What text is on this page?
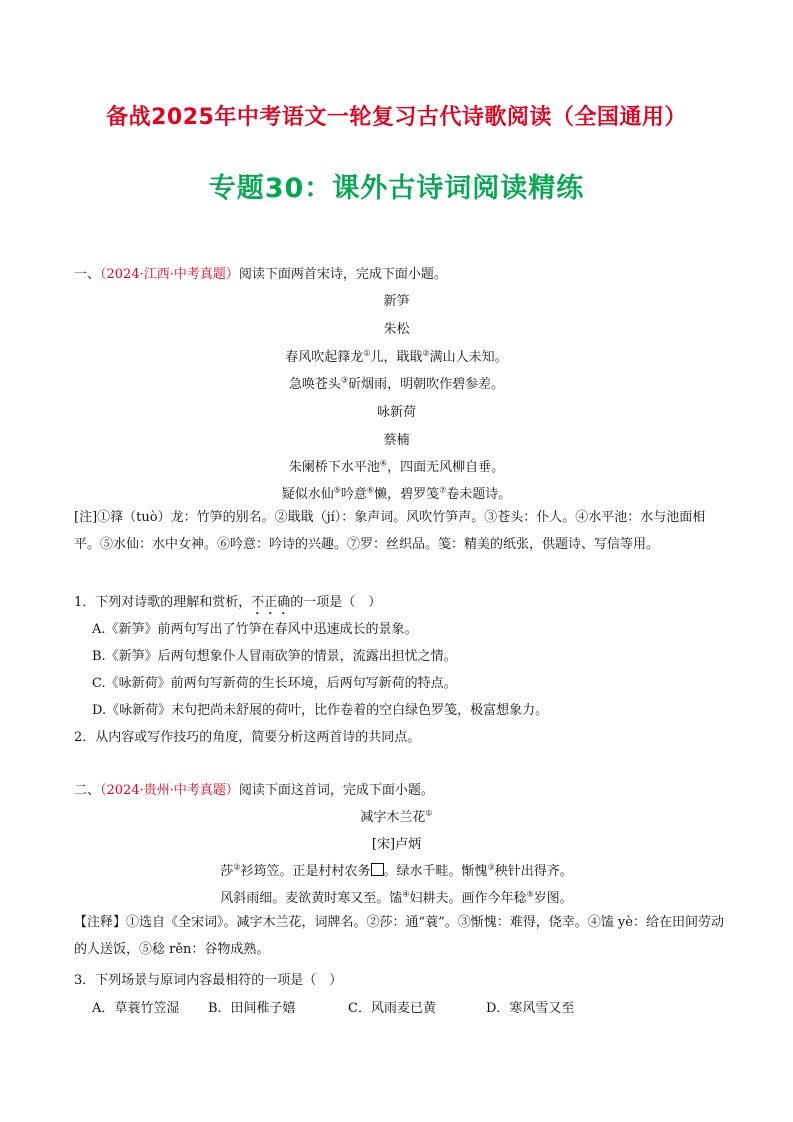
备战2025年中考语文一轮复习古代诗歌阅读（全国通用）
专题30：课外古诗词阅读精练
一、（2024·江西·中考真题）阅读下面两首宋诗，完成下面小题。
新笋
朱松
春风吹起箨龙①儿，戢戢②满山人未知。
急唤苍头③斫烟雨，明朝吹作碧参差。
咏新荷
蔡楠
朱阑桥下水平池④，四面无风柳自垂。
疑似水仙⑤吟意⑥懒，碧罗笺⑦卷未题诗。
[注]①箨（tuò）龙：竹笋的别名。②戢戢（jí）：象声词。风吹竹笋声。③苍头：仆人。④水平池：水与池面相平。⑤水仙：水中女神。⑥吟意：吟诗的兴趣。⑦罗：丝织品。笺：精美的纸张，供题诗、写信等用。
1．下列对诗歌的理解和赏析，不正确的一项是（　）
A.《新笋》前两句写出了竹笋在春风中迅速成长的景象。
B.《新笋》后两句想象仆人冒雨砍笋的情景，流露出担忧之情。
C.《咏新荷》前两句写新荷的生长环境，后两句写新荷的特点。
D.《咏新荷》末句把尚未舒展的荷叶，比作卷着的空白绿色罗笺，极富想象力。
2．从内容或写作技巧的角度，简要分析这两首诗的共同点。
二、（2024·贵州·中考真题）阅读下面这首词，完成下面小题。
减字木兰花①
[宋]卢炳
莎②衫筠笠。正是村村农务 。绿水千畦。惭愧③秧针出得齐。
风斜雨细。麦欲黄时寒又至。馌④妇耕夫。画作今年稔⑤岁图。
【注释】①选自《全宋词》。减字木兰花，词牌名。②莎：通“蓑”。③惭愧：难得，侥幸。④馌 yè：给在田间劳动的人送饭，⑤稔 rěn：谷物成熟。
3．下列场景与原词内容最相符的一项是（　）
A．草蓑竹笠湿 B．田间稚子嬉	C．风雨麦已黄	D．寒风雪又至
